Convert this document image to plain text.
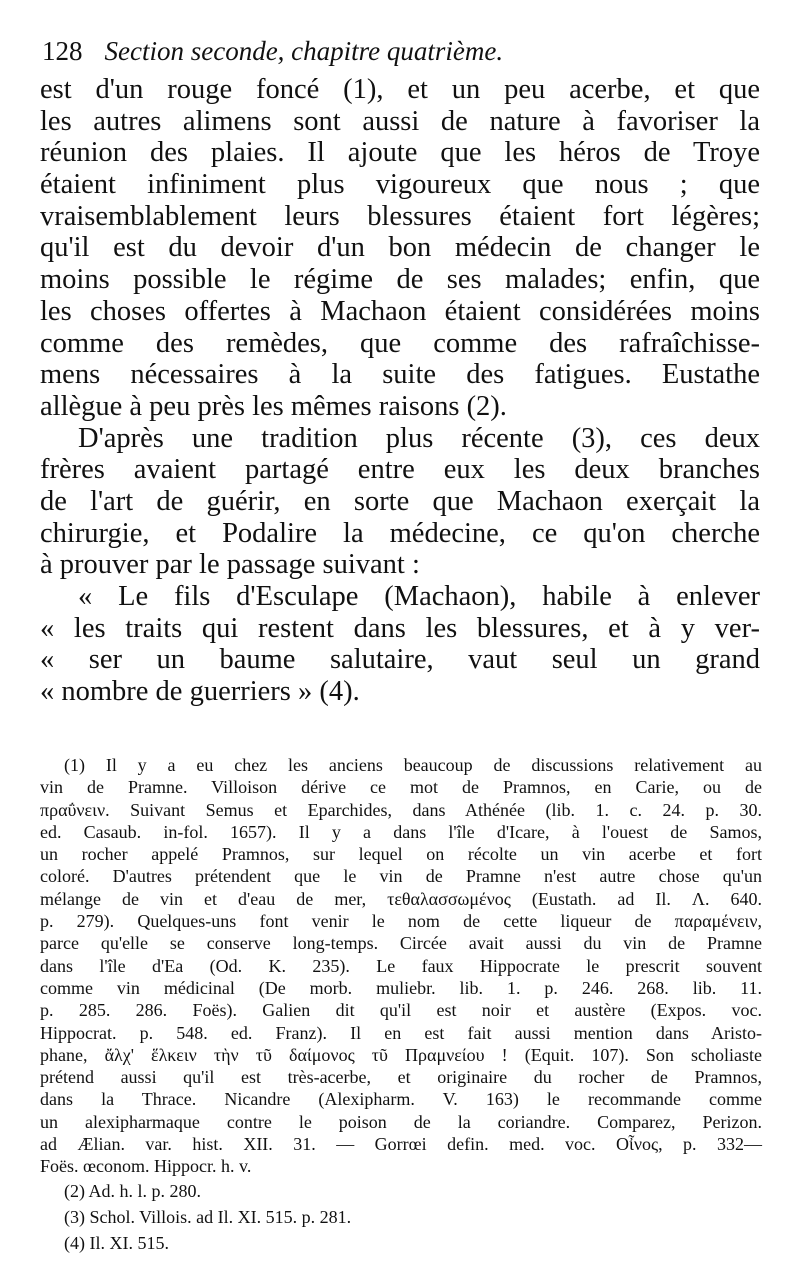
128 Section seconde, chapitre quatrième.
est d'un rouge foncé (1), et un peu acerbe, et que
les autres alimens sont aussi de nature à favoriser la
réunion des plaies. Il ajoute que les héros de Troye
étaient infiniment plus vigoureux que nous ; que
vraisemblablement leurs blessures étaient fort légères;
qu'il est du devoir d'un bon médecin de changer le
moins possible le régime de ses malades; enfin, que
les choses offertes à Machaon étaient considérées moins
comme des remèdes, que comme des rafraîchisse-
mens nécessaires à la suite des fatigues. Eustathe
allègue à peu près les mêmes raisons (2).
D'après une tradition plus récente (3), ces deux
frères avaient partagé entre eux les deux branches
de l'art de guérir, en sorte que Machaon exerçait la
chirurgie, et Podalire la médecine, ce qu'on cherche
à prouver par le passage suivant :
« Le fils d'Esculape (Machaon), habile à enlever
« les traits qui restent dans les blessures, et à y ver-
« ser un baume salutaire, vaut seul un grand
« nombre de guerriers » (4).
(1) Il y a eu chez les anciens beaucoup de discussions relativement au
vin de Pramne. Villoison dérive ce mot de Pramnos, en Carie, ou de
πραΰνειν. Suivant Semus et Eparchides, dans Athénée (lib. 1. c. 24. p. 30.
ed. Casaub. in-fol. 1657). Il y a dans l'île d'Icare, à l'ouest de Samos,
un rocher appelé Pramnos, sur lequel on récolte un vin acerbe et fort
coloré. D'autres prétendent que le vin de Pramne n'est autre chose qu'un
mélange de vin et d'eau de mer, τεθαλασσωμένος (Eustath. ad Il. Λ. 640.
p. 279). Quelques-uns font venir le nom de cette liqueur de παραμένειν,
parce qu'elle se conserve long-temps. Circée avait aussi du vin de Pramne
dans l'île d'Ea (Od. K. 235). Le faux Hippocrate le prescrit souvent
comme vin médicinal (De morb. muliebr. lib. 1. p. 246. 268. lib. 11.
p. 285. 286. Foës). Galien dit qu'il est noir et austère (Expos. voc.
Hippocrat. p. 548. ed. Franz). Il en est fait aussi mention dans Aristo-
phane, ἄλχ' ἕλκειν τὴν τῦ δαίμονος τῦ Πραμνείου ! (Equit. 107). Son scholiaste
prétend aussi qu'il est très-acerbe, et originaire du rocher de Pramnos,
dans la Thrace. Nicandre (Alexipharm. V. 163) le recommande comme
un alexipharmaque contre le poison de la coriandre. Comparez, Perizon.
ad Ælian. var. hist. XII. 31. — Gorrœi defin. med. voc. Οἶνος, p. 332—
Foës. œconom. Hippocr. h. v.
(2) Ad. h. l. p. 280.
(3) Schol. Villois. ad Il. XI. 515. p. 281.
(4) Il. XI. 515.
